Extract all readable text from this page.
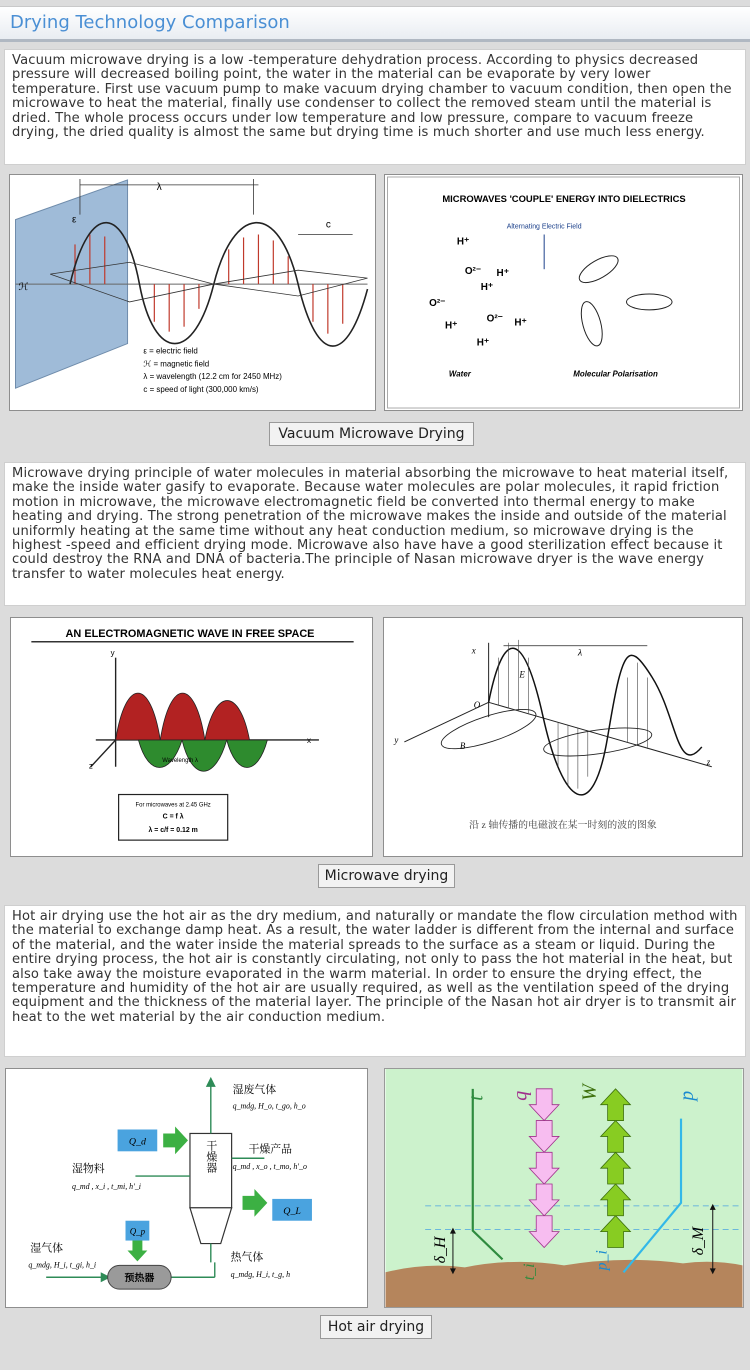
Drying Technology Comparison
Vacuum microwave drying is a low -temperature dehydration process. According to physics decreased pressure will decreased boiling point, the water in the material can be evaporate by very lower temperature. First use vacuum pump to make vacuum drying chamber to vacuum condition, then open the microwave to heat the material, finally use condenser to collect the removed steam until the material is dried. The whole process occurs under low temperature and low pressure, compare to vacuum freeze drying, the dried quality is almost the same but drying time is much shorter and use much less energy.
λ
c
ε
ℋ
ε = electric field
ℋ = magnetic field
λ = wavelength (12.2 cm for 2450 MHz)
c = speed of light (300,000 km/s)
MICROWAVES 'COUPLE' ENERGY INTO DIELECTRICS
Alternating Electric Field
H⁺
O²⁻ H⁺
H⁺
O²⁻
H⁺
O²⁻ H⁺
H⁺
Water	Molecular Polarisation
Vacuum Microwave Drying
Microwave drying principle of water molecules in material absorbing the microwave to heat material itself, make the inside water gasify to evaporate. Because water molecules are polar molecules, it rapid friction motion in microwave, the microwave electromagnetic field be converted into thermal energy to make heating and drying. The strong penetration of the microwave makes the inside and outside of the material uniformly heating at the same time without any heat conduction medium, so microwave drying is the highest -speed and efficient drying mode. Microwave also have have a good sterilization effect because it could destroy the RNA and DNA of bacteria.The principle of Nasan microwave dryer is the wave energy transfer to water molecules heat energy.
AN ELECTROMAGNETIC WAVE IN FREE SPACE
y
x
z
Wavelength λ
For microwaves at 2.45 GHz
C = f λ
λ = c/f = 0.12 m
x
y
z
O
E
B
λ
沿 z 轴传播的电磁波在某一时刻的波的图象
Microwave drying
Hot air drying use the hot air as the dry medium, and naturally or mandate the flow circulation method with the material to exchange damp heat. As a result, the water ladder is different from the internal and surface of the material, and the water inside the material spreads to the surface as a steam or liquid. During the entire drying process, the hot air is constantly circulating, not only to pass the hot material in the heat, but also take away the moisture evaporated in the warm material. In order to ensure the drying effect, the temperature and humidity of the hot air are usually required, as well as the ventilation speed of the drying equipment and the thickness of the material layer. The principle of the Nasan hot air dryer is to transmit air heat to the wet material by the air conduction medium.
干燥器
Q_d
Q_L
Q_p
预热器
湿废气体
q_mdg, H_o, t_go, h_o
干燥产品
q_md , x_o , t_mo, h'_o
湿物料
q_md , x_i , t_mi, h'_i
湿气体
q_mdg, H_i, t_gi, h_i
热气体
q_mdg, H_i, t_g, h
t q W	p
δ_H
t_i
p_i
δ_M
Hot air drying
